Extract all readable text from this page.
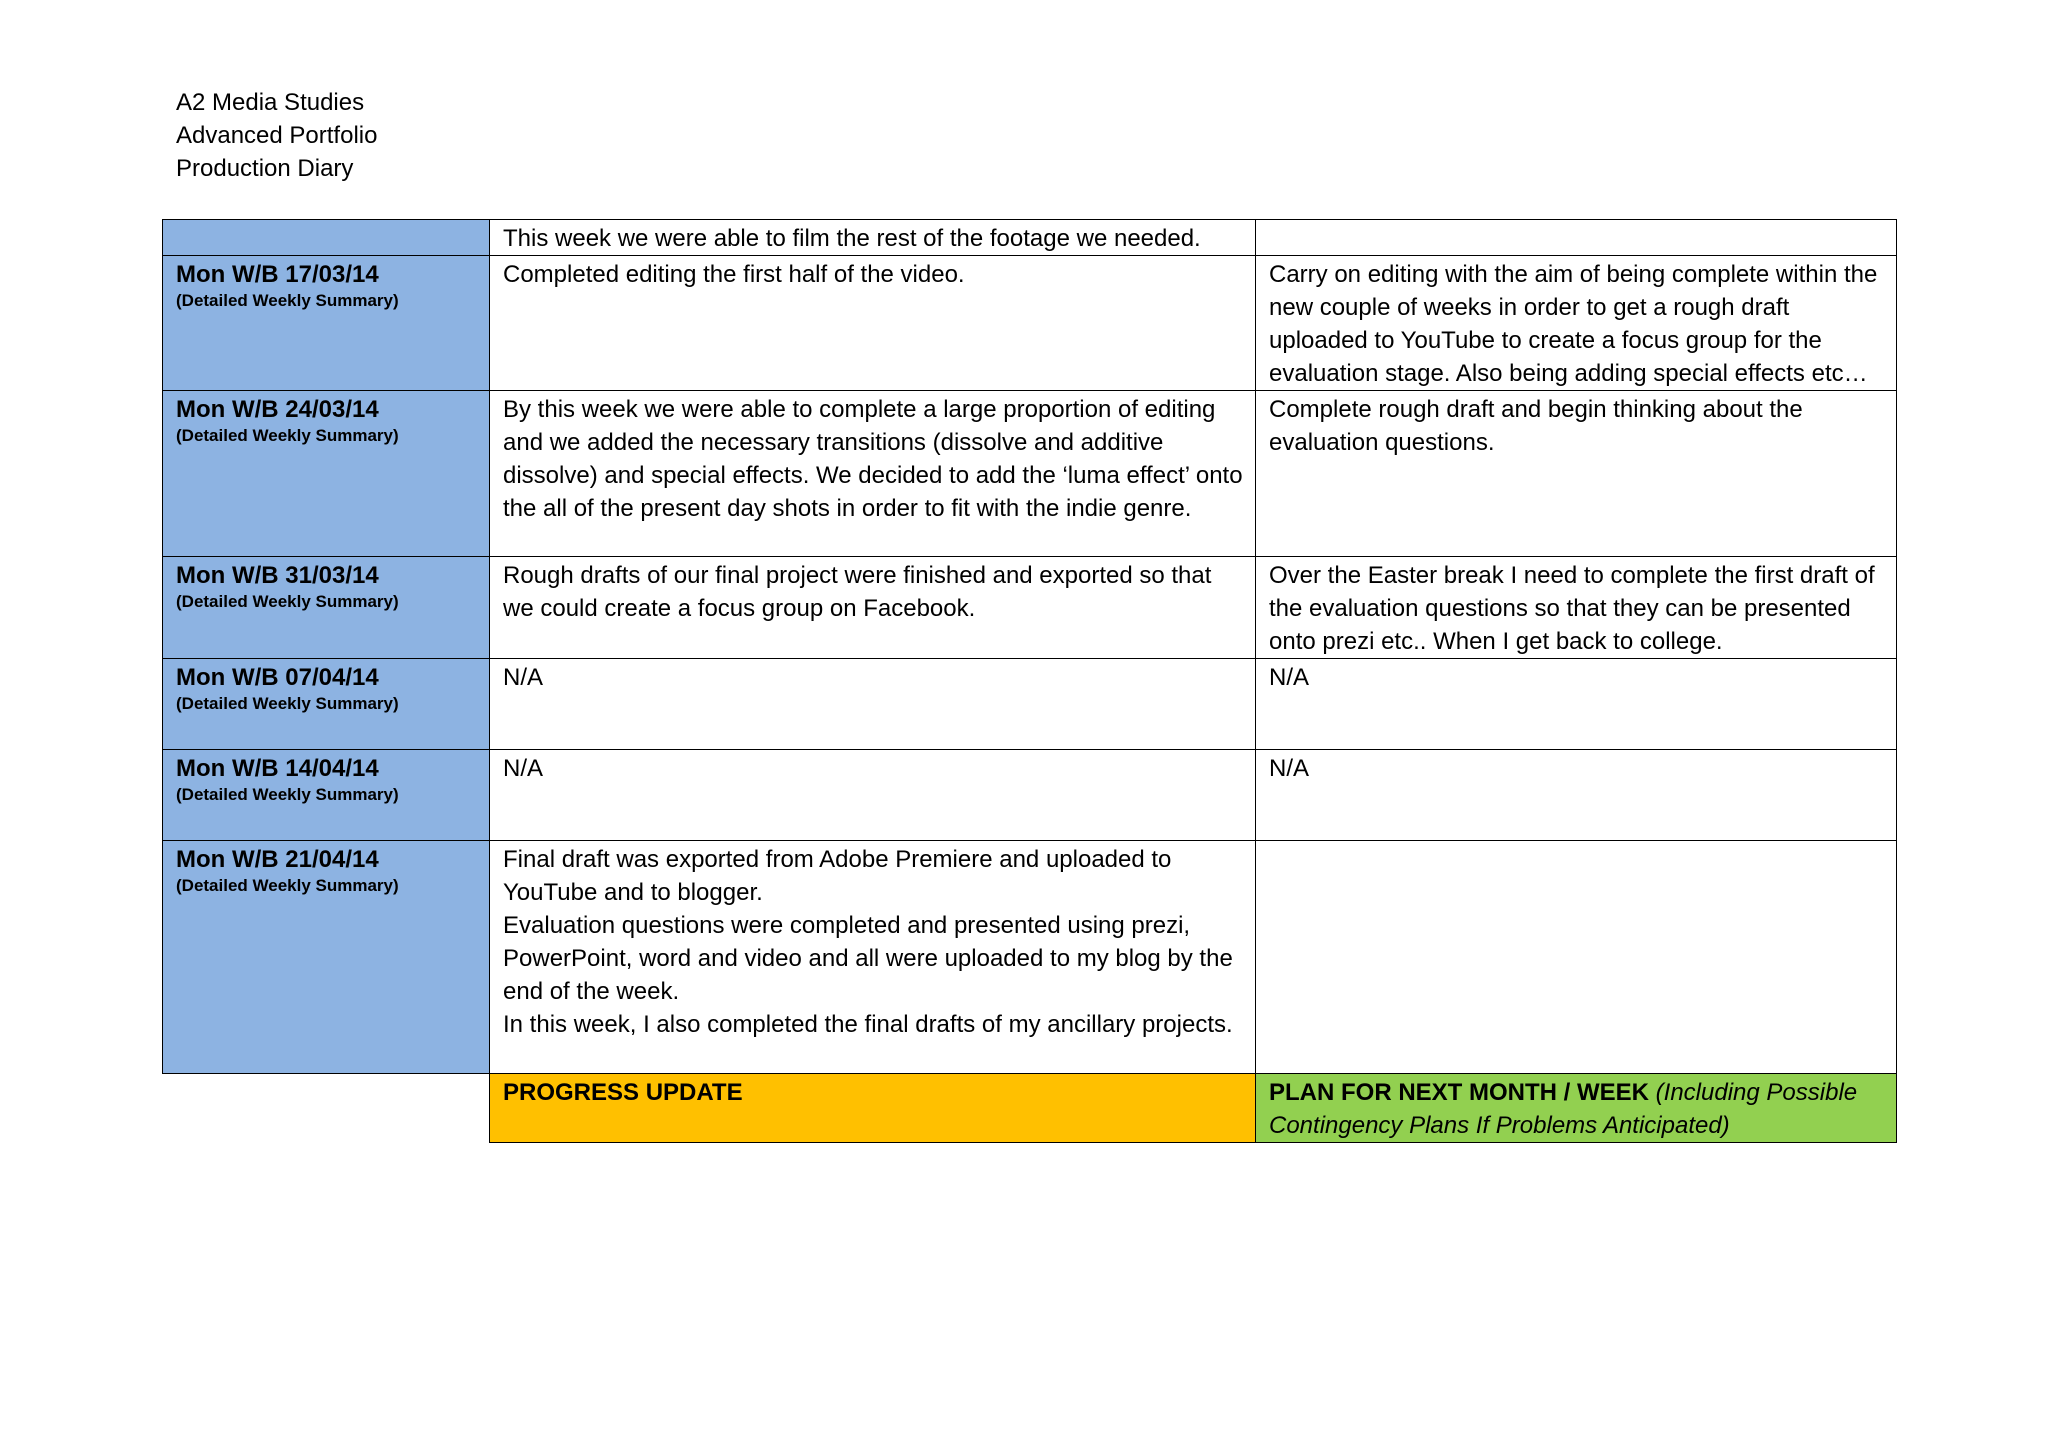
A2 Media Studies
Advanced Portfolio
Production Diary

	This week we were able to film the rest of the footage we needed.	

Mon W/B 17/03/14
(Detailed Weekly Summary)	Completed editing the first half of the video.	Carry on editing with the aim of being complete within the new couple of weeks in order to get a rough draft uploaded to YouTube to create a focus group for the evaluation stage. Also being adding special effects etc…

Mon W/B 24/03/14
(Detailed Weekly Summary)	By this week we were able to complete a large proportion of editing and we added the necessary transitions (dissolve and additive dissolve) and special effects. We decided to add the ‘luma effect’ onto the all of the present day shots in order to fit with the indie genre.	Complete rough draft and begin thinking about the evaluation questions.

Mon W/B 31/03/14
(Detailed Weekly Summary)	Rough drafts of our final project were finished and exported so that we could create a focus group on Facebook.	Over the Easter break I need to complete the first draft of the evaluation questions so that they can be presented onto prezi etc.. When I get back to college.

Mon W/B 07/04/14
(Detailed Weekly Summary)	N/A	N/A

Mon W/B 14/04/14
(Detailed Weekly Summary)	N/A	N/A

Mon W/B 21/04/14
(Detailed Weekly Summary)	Final draft was exported from Adobe Premiere and uploaded to YouTube and to blogger.
Evaluation questions were completed and presented using prezi, PowerPoint, word and video and all were uploaded to my blog by the end of the week.
In this week, I also completed the final drafts of my ancillary projects.	

	PROGRESS UPDATE	PLAN FOR NEXT MONTH / WEEK (Including Possible Contingency Plans If Problems Anticipated)
